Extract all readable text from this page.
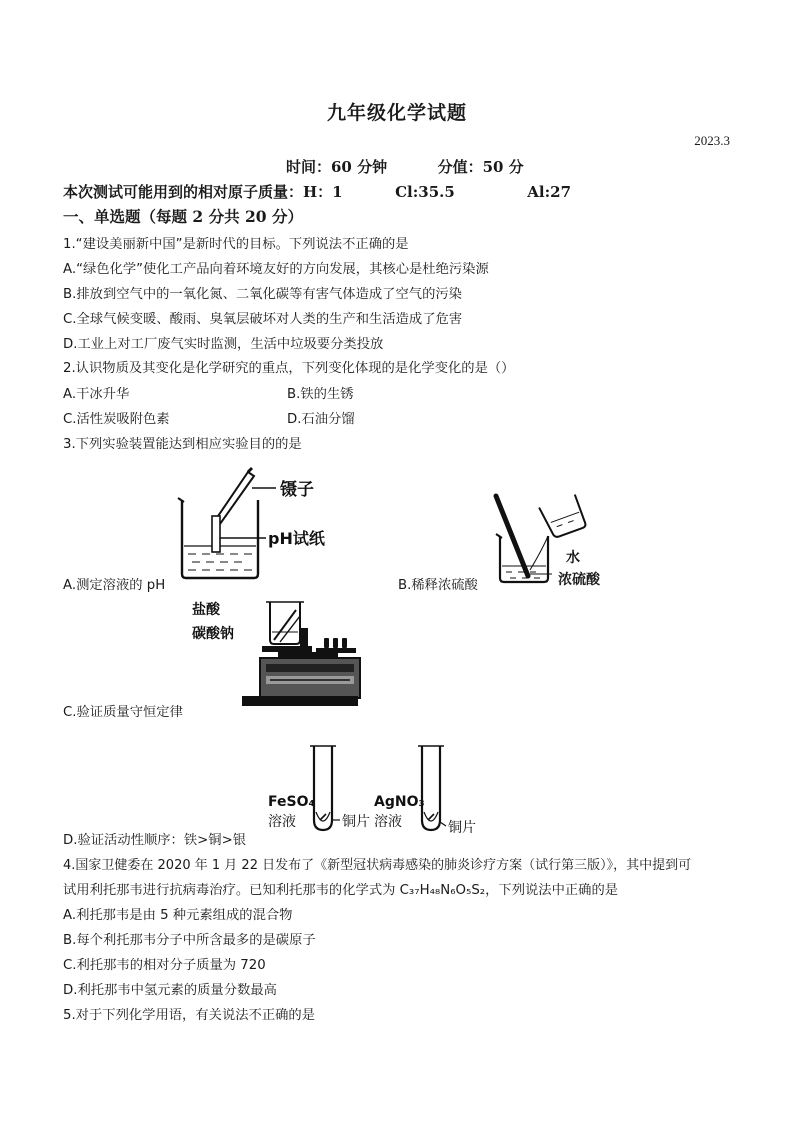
九年级化学试题
2023.3
时间：60 分钟	分值：50 分
本次测试可能用到的相对原子质量：H：1	Cl:35.5	Al:27
一、单选题（每题 2 分共 20 分）
1.“建设美丽新中国”是新时代的目标。下列说法不正确的是
A.“绿色化学”使化工产品向着环境友好的方向发展，其核心是杜绝污染源
B.排放到空气中的一氧化氮、二氧化碳等有害气体造成了空气的污染
C.全球气候变暖、酸雨、臭氧层破坏对人类的生产和生活造成了危害
D.工业上对工厂废气实时监测，生活中垃圾要分类投放
2.认识物质及其变化是化学研究的重点，下列变化体现的是化学变化的是（）
A.干冰升华	B.铁的生锈
C.活性炭吸附色素	D.石油分馏
3.下列实验装置能达到相应实验目的的是
镊子
pH试纸
A.测定溶液的 pH
水
B.稀释浓硫酸	浓硫酸
盐酸
碳酸钠
C.验证质量守恒定律
FeSO₄
溶液	铜片
AgNO₃
溶液	铜片
D.验证活动性顺序：铁>铜>银
4.国家卫健委在 2020 年 1 月 22 日发布了《新型冠状病毒感染的肺炎诊疗方案（试行第三版）》，其中提到可
试用利托那韦进行抗病毒治疗。已知利托那韦的化学式为 C₃₇H₄₈N₆O₅S₂，下列说法中正确的是
A.利托那韦是由 5 种元素组成的混合物
B.每个利托那韦分子中所含最多的是碳原子
C.利托那韦的相对分子质量为 720
D.利托那韦中氢元素的质量分数最高
5.对于下列化学用语，有关说法不正确的是
